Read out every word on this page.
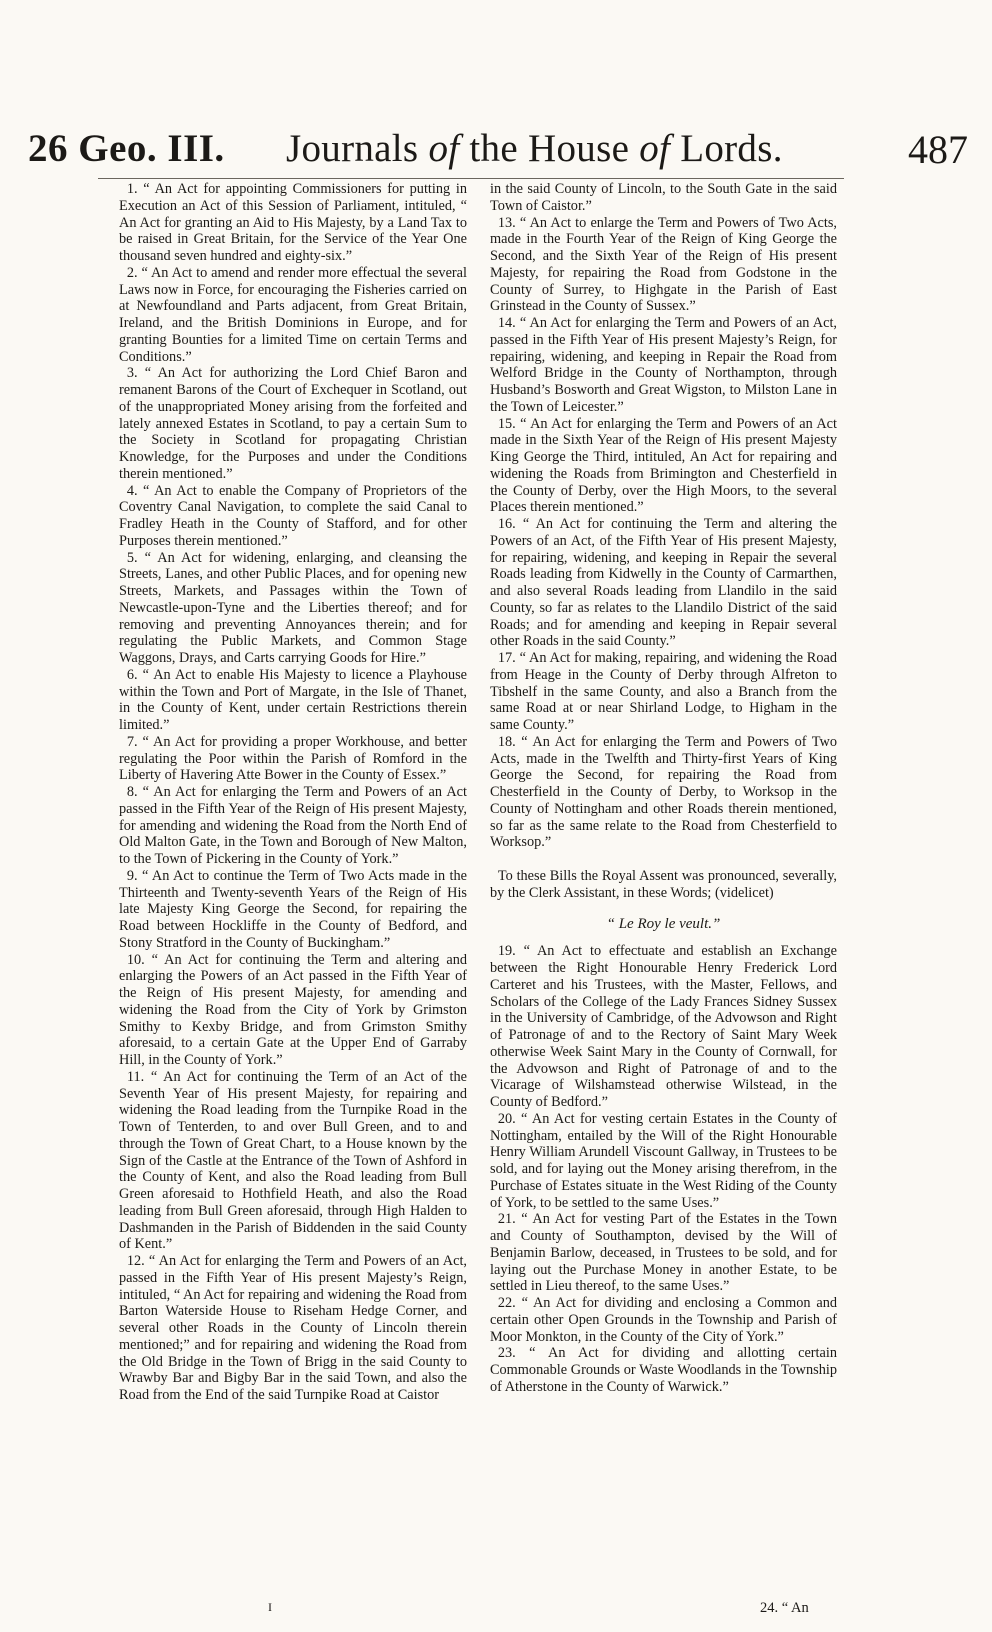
26 Geo. III. Journals of the House of Lords.	487

1. “ An Act for appointing Commissioners for putting in Execution an Act of this Session of Parliament, intituled, “ An Act for granting an Aid to His Majesty, by a Land Tax to be raised in Great Britain, for the Service of the Year One thousand seven hundred and eighty-six.”

2. “ An Act to amend and render more effectual the several Laws now in Force, for encouraging the Fisheries carried on at Newfoundland and Parts adjacent, from Great Britain, Ireland, and the British Dominions in Europe, and for granting Bounties for a limited Time on certain Terms and Conditions.”

3. “ An Act for authorizing the Lord Chief Baron and remanent Barons of the Court of Exchequer in Scotland, out of the unappropriated Money arising from the forfeited and lately annexed Estates in Scotland, to pay a certain Sum to the Society in Scotland for propagating Christian Knowledge, for the Purposes and under the Conditions therein mentioned.”

4. “ An Act to enable the Company of Proprietors of the Coventry Canal Navigation, to complete the said Canal to Fradley Heath in the County of Stafford, and for other Purposes therein mentioned.”

5. “ An Act for widening, enlarging, and cleansing the Streets, Lanes, and other Public Places, and for opening new Streets, Markets, and Passages within the Town of Newcastle-upon-Tyne and the Liberties thereof; and for removing and preventing Annoyances therein; and for regulating the Public Markets, and Common Stage Waggons, Drays, and Carts carrying Goods for Hire.”

6. “ An Act to enable His Majesty to licence a Playhouse within the Town and Port of Margate, in the Isle of Thanet, in the County of Kent, under certain Restrictions therein limited.”

7. “ An Act for providing a proper Workhouse, and better regulating the Poor within the Parish of Romford in the Liberty of Havering Atte Bower in the County of Essex.”

8. “ An Act for enlarging the Term and Powers of an Act passed in the Fifth Year of the Reign of His present Majesty, for amending and widening the Road from the North End of Old Malton Gate, in the Town and Borough of New Malton, to the Town of Pickering in the County of York.”

9. “ An Act to continue the Term of Two Acts made in the Thirteenth and Twenty-seventh Years of the Reign of His late Majesty King George the Second, for repairing the Road between Hockliffe in the County of Bedford, and Stony Stratford in the County of Buckingham.”

10. “ An Act for continuing the Term and altering and enlarging the Powers of an Act passed in the Fifth Year of the Reign of His present Majesty, for amending and widening the Road from the City of York by Grimston Smithy to Kexby Bridge, and from Grimston Smithy aforesaid, to a certain Gate at the Upper End of Garraby Hill, in the County of York.”

11. “ An Act for continuing the Term of an Act of the Seventh Year of His present Majesty, for repairing and widening the Road leading from the Turnpike Road in the Town of Tenterden, to and over Bull Green, and to and through the Town of Great Chart, to a House known by the Sign of the Castle at the Entrance of the Town of Ashford in the County of Kent, and also the Road leading from Bull Green aforesaid to Hothfield Heath, and also the Road leading from Bull Green aforesaid, through High Halden to Dashmanden in the Parish of Biddenden in the said County of Kent.”

12. “ An Act for enlarging the Term and Powers of an Act, passed in the Fifth Year of His present Majesty’s Reign, intituled, “ An Act for repairing and widening the Road from Barton Waterside House to Riseham Hedge Corner, and several other Roads in the County of Lincoln therein mentioned;” and for repairing and widening the Road from the Old Bridge in the Town of Brigg in the said County to Wrawby Bar and Bigby Bar in the said Town, and also the Road from the End of the said Turnpike Road at Caistor

in the said County of Lincoln, to the South Gate in the said Town of Caistor.”

13. “ An Act to enlarge the Term and Powers of Two Acts, made in the Fourth Year of the Reign of King George the Second, and the Sixth Year of the Reign of His present Majesty, for repairing the Road from Godstone in the County of Surrey, to Highgate in the Parish of East Grinstead in the County of Sussex.”

14. “ An Act for enlarging the Term and Powers of an Act, passed in the Fifth Year of His present Majesty’s Reign, for repairing, widening, and keeping in Repair the Road from Welford Bridge in the County of Northampton, through Husband’s Bosworth and Great Wigston, to Milston Lane in the Town of Leicester.”

15. “ An Act for enlarging the Term and Powers of an Act made in the Sixth Year of the Reign of His present Majesty King George the Third, intituled, An Act for repairing and widening the Roads from Brimington and Chesterfield in the County of Derby, over the High Moors, to the several Places therein mentioned.”

16. “ An Act for continuing the Term and altering the Powers of an Act, of the Fifth Year of His present Majesty, for repairing, widening, and keeping in Repair the several Roads leading from Kidwelly in the County of Carmarthen, and also several Roads leading from Llandilo in the said County, so far as relates to the Llandilo District of the said Roads; and for amending and keeping in Repair several other Roads in the said County.”

17. “ An Act for making, repairing, and widening the Road from Heage in the County of Derby through Alfreton to Tibshelf in the same County, and also a Branch from the same Road at or near Shirland Lodge, to Higham in the same County.”

18. “ An Act for enlarging the Term and Powers of Two Acts, made in the Twelfth and Thirty-first Years of King George the Second, for repairing the Road from Chesterfield in the County of Derby, to Worksop in the County of Nottingham and other Roads therein mentioned, so far as the same relate to the Road from Chesterfield to Worksop.”

To these Bills the Royal Assent was pronounced, severally, by the Clerk Assistant, in these Words; (videlicet)

“ Le Roy le veult.”

19. “ An Act to effectuate and establish an Exchange between the Right Honourable Henry Frederick Lord Carteret and his Trustees, with the Master, Fellows, and Scholars of the College of the Lady Frances Sidney Sussex in the University of Cambridge, of the Advowson and Right of Patronage of and to the Rectory of Saint Mary Week otherwise Week Saint Mary in the County of Cornwall, for the Advowson and Right of Patronage of and to the Vicarage of Wilshamstead otherwise Wilstead, in the County of Bedford.”

20. “ An Act for vesting certain Estates in the County of Nottingham, entailed by the Will of the Right Honourable Henry William Arundell Viscount Gallway, in Trustees to be sold, and for laying out the Money arising therefrom, in the Purchase of Estates situate in the West Riding of the County of York, to be settled to the same Uses.”

21. “ An Act for vesting Part of the Estates in the Town and County of Southampton, devised by the Will of Benjamin Barlow, deceased, in Trustees to be sold, and for laying out the Purchase Money in another Estate, to be settled in Lieu thereof, to the same Uses.”

22. “ An Act for dividing and enclosing a Common and certain other Open Grounds in the Township and Parish of Moor Monkton, in the County of the City of York.”

23. “ An Act for dividing and allotting certain Commonable Grounds or Waste Woodlands in the Township of Atherstone in the County of Warwick.”

I	24. “ An
